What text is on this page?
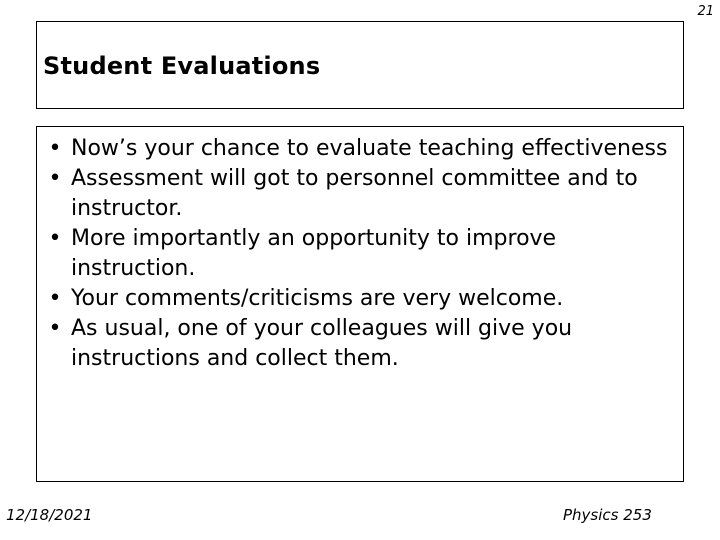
21
Student Evaluations
• Now’s your chance to evaluate teaching effectiveness
• Assessment will got to personnel committee and to instructor.
• More importantly an opportunity to improve instruction.
• Your comments/criticisms are very welcome.
• As usual, one of your colleagues will give you instructions and collect them.
12/18/2021	Physics 253
